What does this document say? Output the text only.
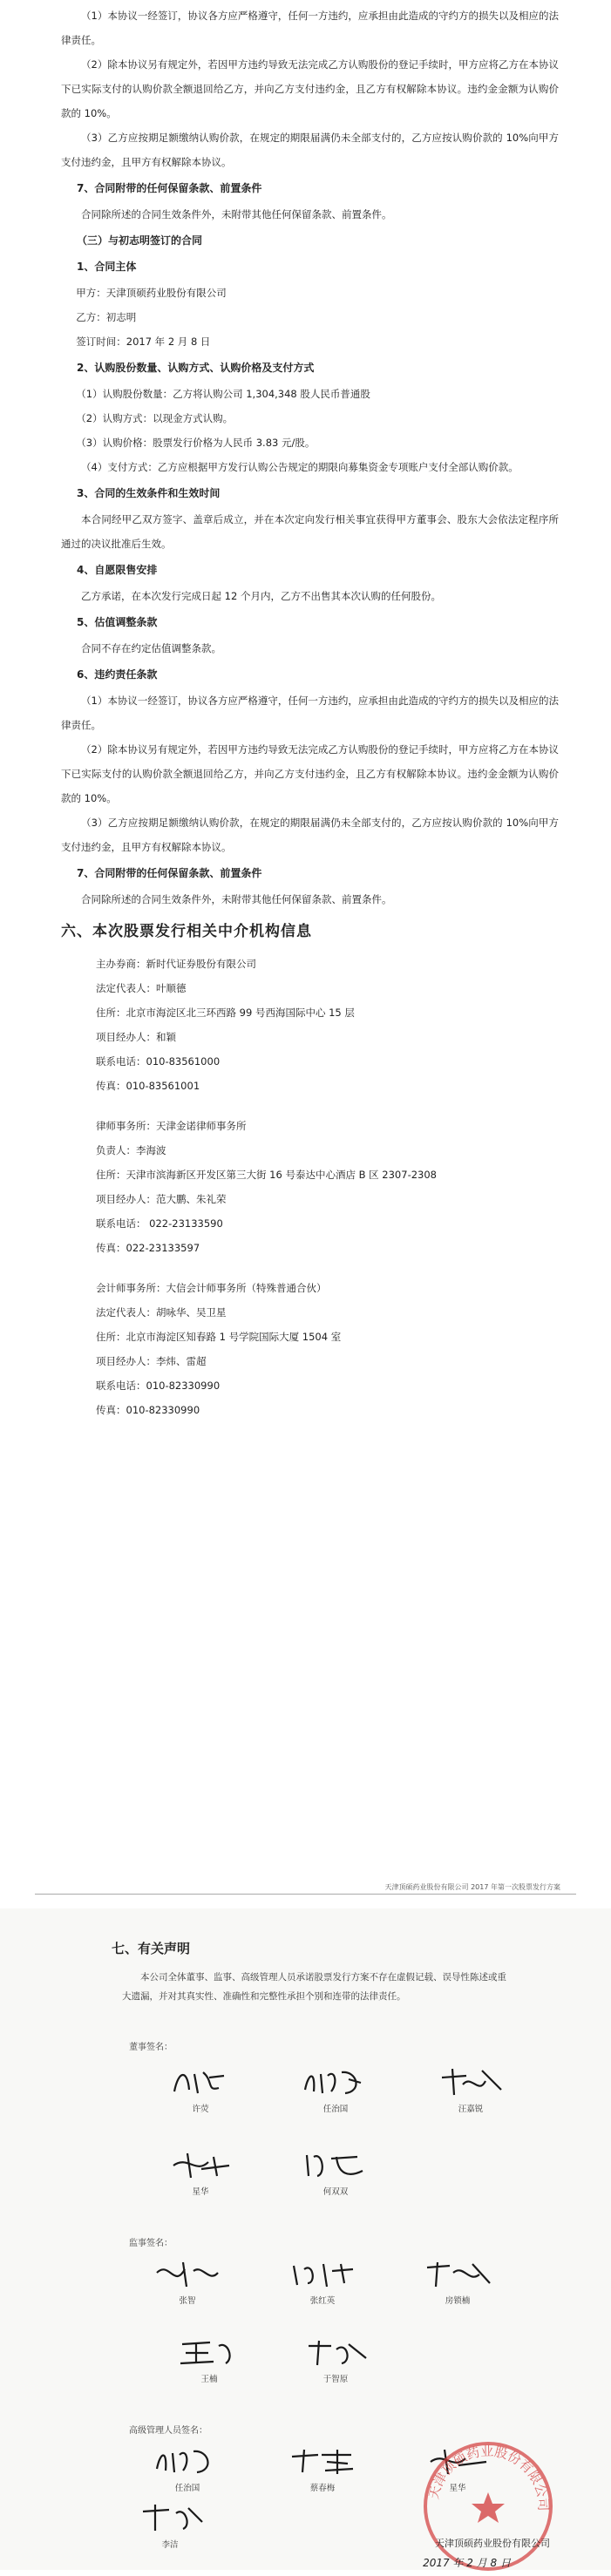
（1）本协议一经签订，协议各方应严格遵守，任何一方违约，应承担由此造成的守约方的损失以及相应的法律责任。

（2）除本协议另有规定外，若因甲方违约导致无法完成乙方认购股份的登记手续时，甲方应将乙方在本协议下已实际支付的认购价款全额退回给乙方，并向乙方支付违约金，且乙方有权解除本协议。违约金金额为认购价款的 10%。

（3）乙方应按期足额缴纳认购价款，在规定的期限届满仍未全部支付的，乙方应按认购价款的 10%向甲方支付违约金，且甲方有权解除本协议。

7、合同附带的任何保留条款、前置条件

合同除所述的合同生效条件外，未附带其他任何保留条款、前置条件。

（三）与初志明签订的合同
1、合同主体
甲方：天津顶硕药业股份有限公司
乙方：初志明
签订时间：2017 年 2 月 8 日
2、认购股份数量、认购方式、认购价格及支付方式
（1）认购股份数量：乙方将认购公司 1,304,348 股人民币普通股
（2）认购方式：以现金方式认购。
（3）认购价格：股票发行价格为人民币 3.83 元/股。

（4）支付方式：乙方应根据甲方发行认购公告规定的期限向募集资金专项账户支付全部认购价款。

3、合同的生效条件和生效时间

本合同经甲乙双方签字、盖章后成立，并在本次定向发行相关事宜获得甲方董事会、股东大会依法定程序所通过的决议批准后生效。

4、自愿限售安排

乙方承诺，在本次发行完成日起 12 个月内，乙方不出售其本次认购的任何股份。

5、估值调整条款

合同不存在约定估值调整条款。

6、违约责任条款

（1）本协议一经签订，协议各方应严格遵守，任何一方违约，应承担由此造成的守约方的损失以及相应的法律责任。

（2）除本协议另有规定外，若因甲方违约导致无法完成乙方认购股份的登记手续时，甲方应将乙方在本协议下已实际支付的认购价款全额退回给乙方，并向乙方支付违约金，且乙方有权解除本协议。违约金金额为认购价款的 10%。

（3）乙方应按期足额缴纳认购价款，在规定的期限届满仍未全部支付的，乙方应按认购价款的 10%向甲方支付违约金，且甲方有权解除本协议。

7、合同附带的任何保留条款、前置条件

合同除所述的合同生效条件外，未附带其他任何保留条款、前置条件。

六、本次股票发行相关中介机构信息
主办券商：新时代证券股份有限公司
法定代表人：叶顺德
住所：北京市海淀区北三环西路 99 号西海国际中心 15 层
项目经办人：和颖
联系电话：010-83561000
传真：010-83561001
律师事务所：天津金诺律师事务所
负责人：李海波
住所：天津市滨海新区开发区第三大街 16 号泰达中心酒店 B 区 2307-2308
项目经办人：范大鹏、朱礼荣
联系电话： 022-23133590
传真：022-23133597
会计师事务所：大信会计师事务所（特殊普通合伙）
法定代表人：胡咏华、吴卫星
住所：北京市海淀区知春路 1 号学院国际大厦 1504 室
项目经办人：李炜、雷超
联系电话：010-82330990
传真：010-82330990
天津顶硕药业股份有限公司 2017 年第一次股票发行方案
七、有关声明
本公司全体董事、监事、高级管理人员承诺股票发行方案不存在虚假记载、误导性陈述或重大遗漏，并对其真实性、准确性和完整性承担个别和连带的法律责任。
董事签名：
监事签名：
高级管理人员签名：
许荧	任治国	汪嘉锐
星华	何双双
张智	张红英	房锁楠
王楠	于智原
任治国	蔡春梅	星华
李洁
天津顶硕药业股份有限公司
天津顶硕药业股份有限公司
2017 年 2 月 8 日
